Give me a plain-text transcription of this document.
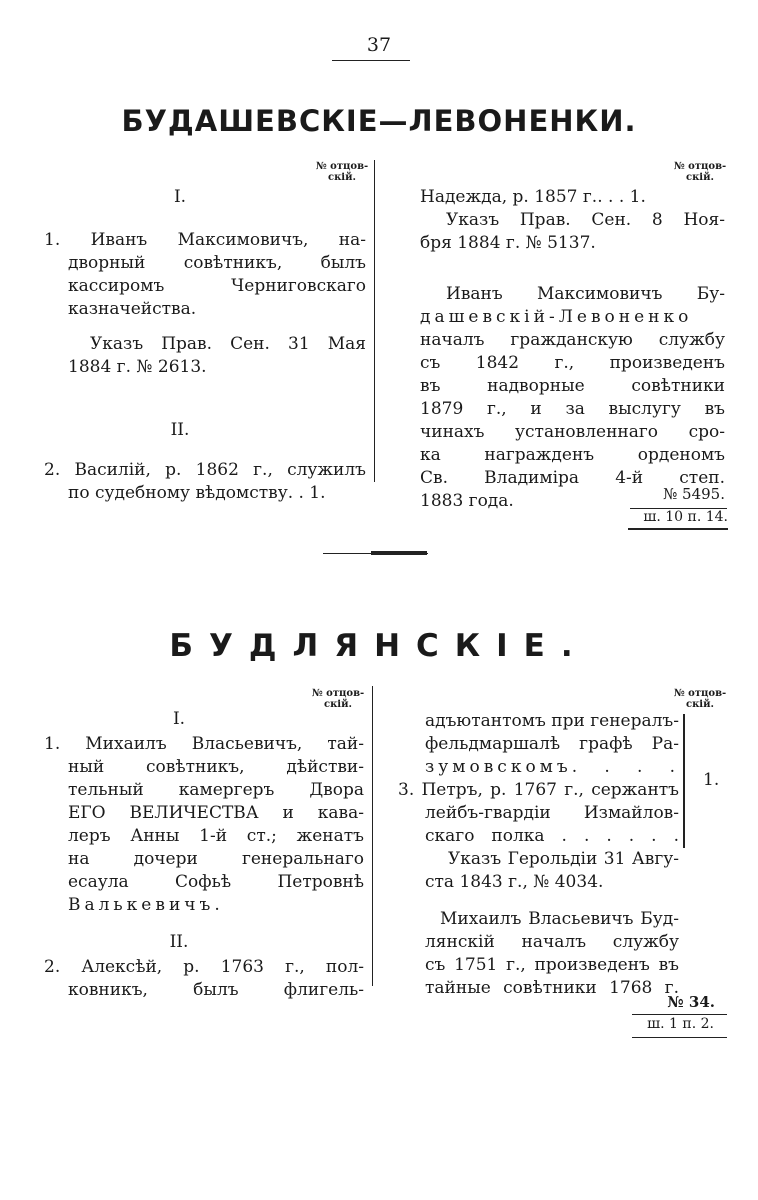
37
БУДАШЕВСКІЕ—ЛЕВОНЕНКИ.
№ отцов-
скій.
I.
1. Иванъ Максимовичъ, на-
дворный совѣтникъ, былъ
кассиромъ Черниговскаго
казначейства.
Указъ Прав. Сен. 31 Мая
1884 г. № 2613.
II.
2. Василій, р. 1862 г., служилъ
по судебному вѣдомству. . 1.
№ отцов-
скій.
Надежда, р. 1857 г.. . . 1.
Указъ Прав. Сен. 8 Ноя-
бря 1884 г. № 5137.
Иванъ Максимовичъ Бу-
дашевскій-Левоненко
началъ гражданскую службу
съ 1842 г., произведенъ
въ надворные совѣтники
1879 г., и за выслугу въ
чинахъ установленнаго сро-
ка награжденъ орденомъ
Св. Владиміра 4-й степ.
1883 года.	№ 5495.
ш. 10 п. 14.
БУДЛЯНСКІЕ.
№ отцов-
скій.
I.
1. Михаилъ Власьевичъ, тай-
ный совѣтникъ, дѣйстви-
тельный камергеръ Двора
ЕГО ВЕЛИЧЕСТВА и кава-
леръ Анны 1-й ст.; женатъ
на дочери генеральнаго
есаула Софьѣ Петровнѣ
Валькевичъ.
II.
2. Алексѣй, р. 1763 г., пол-
ковникъ, былъ флигель-
№ отцов-
скій.
адъютантомъ при генералъ-
фельдмаршалѣ графѣ Ра-
зумовскомъ. . . .
3. Петръ, р. 1767 г., сержантъ
лейбъ-гвардіи Измайлов-
скаго полка . . . . . .
Указъ Герольдіи 31 Авгу-
ста 1843 г., № 4034.
Михаилъ Власьевичъ Буд-
лянскій началъ службу
съ 1751 г., произведенъ въ
тайные совѣтники 1768 г.
1.
№ 34.
ш. 1 п. 2.
